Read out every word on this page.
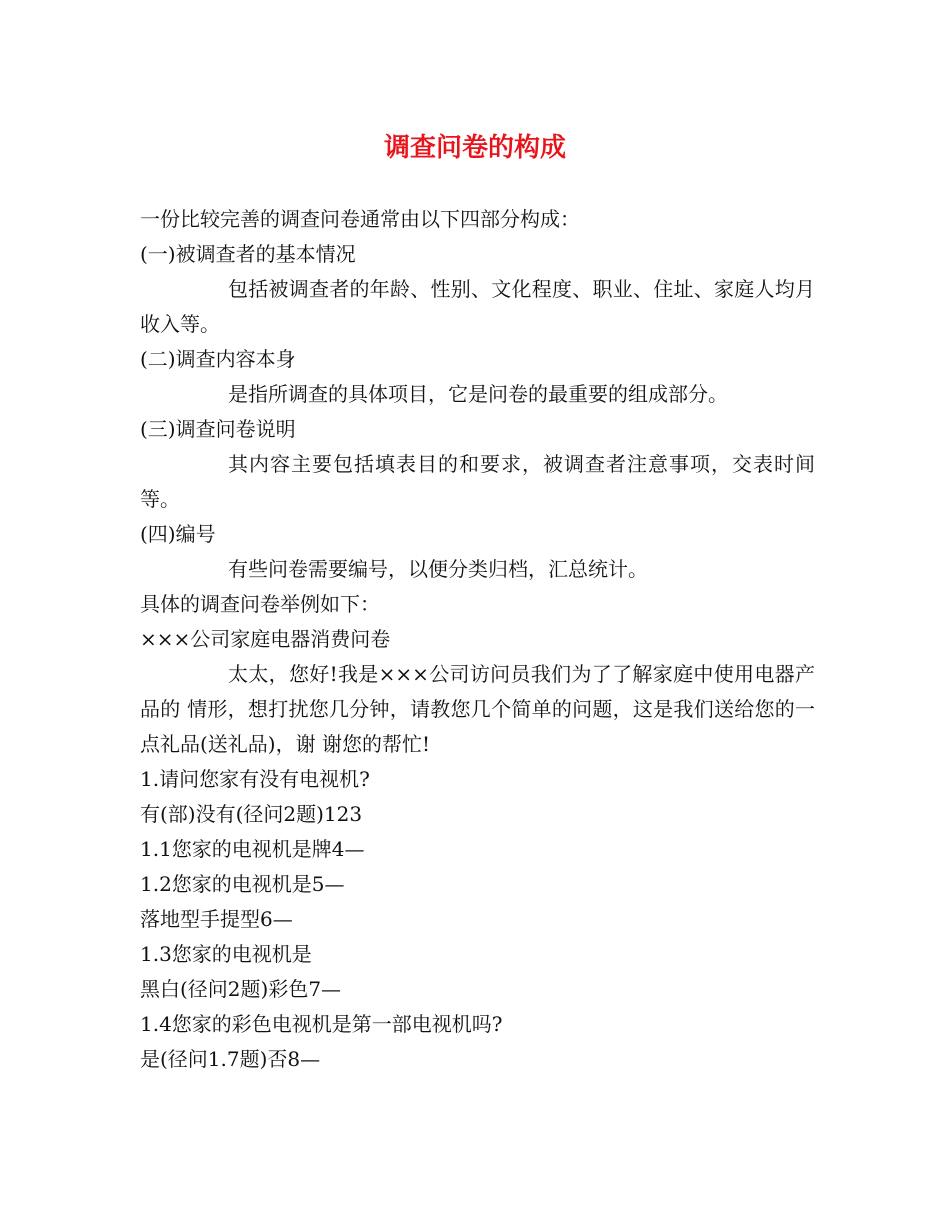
调查问卷的构成

一份比较完善的调查问卷通常由以下四部分构成：

(一)被调查者的基本情况

包括被调查者的年龄、性别、文化程度、职业、住址、家庭人均月收入等。

(二)调查内容本身

是指所调查的具体项目，它是问卷的最重要的组成部分。

(三)调查问卷说明

其内容主要包括填表目的和要求，被调查者注意事项，交表时间等。

(四)编号

有些问卷需要编号，以便分类归档，汇总统计。

具体的调查问卷举例如下：

×××公司家庭电器消费问卷

太太，您好!我是×××公司访问员我们为了了解家庭中使用电器产品的 情形，想打扰您几分钟，请教您几个简单的问题，这是我们送给您的一点礼品(送礼品)，谢 谢您的帮忙!

1.请问您家有没有电视机?

有(部)没有(径问2题)123

1.1您家的电视机是牌4—

1.2您家的电视机是5—

落地型手提型6—

1.3您家的电视机是

黑白(径问2题)彩色7—

1.4您家的彩色电视机是第一部电视机吗?

是(径问1.7题)否8—
